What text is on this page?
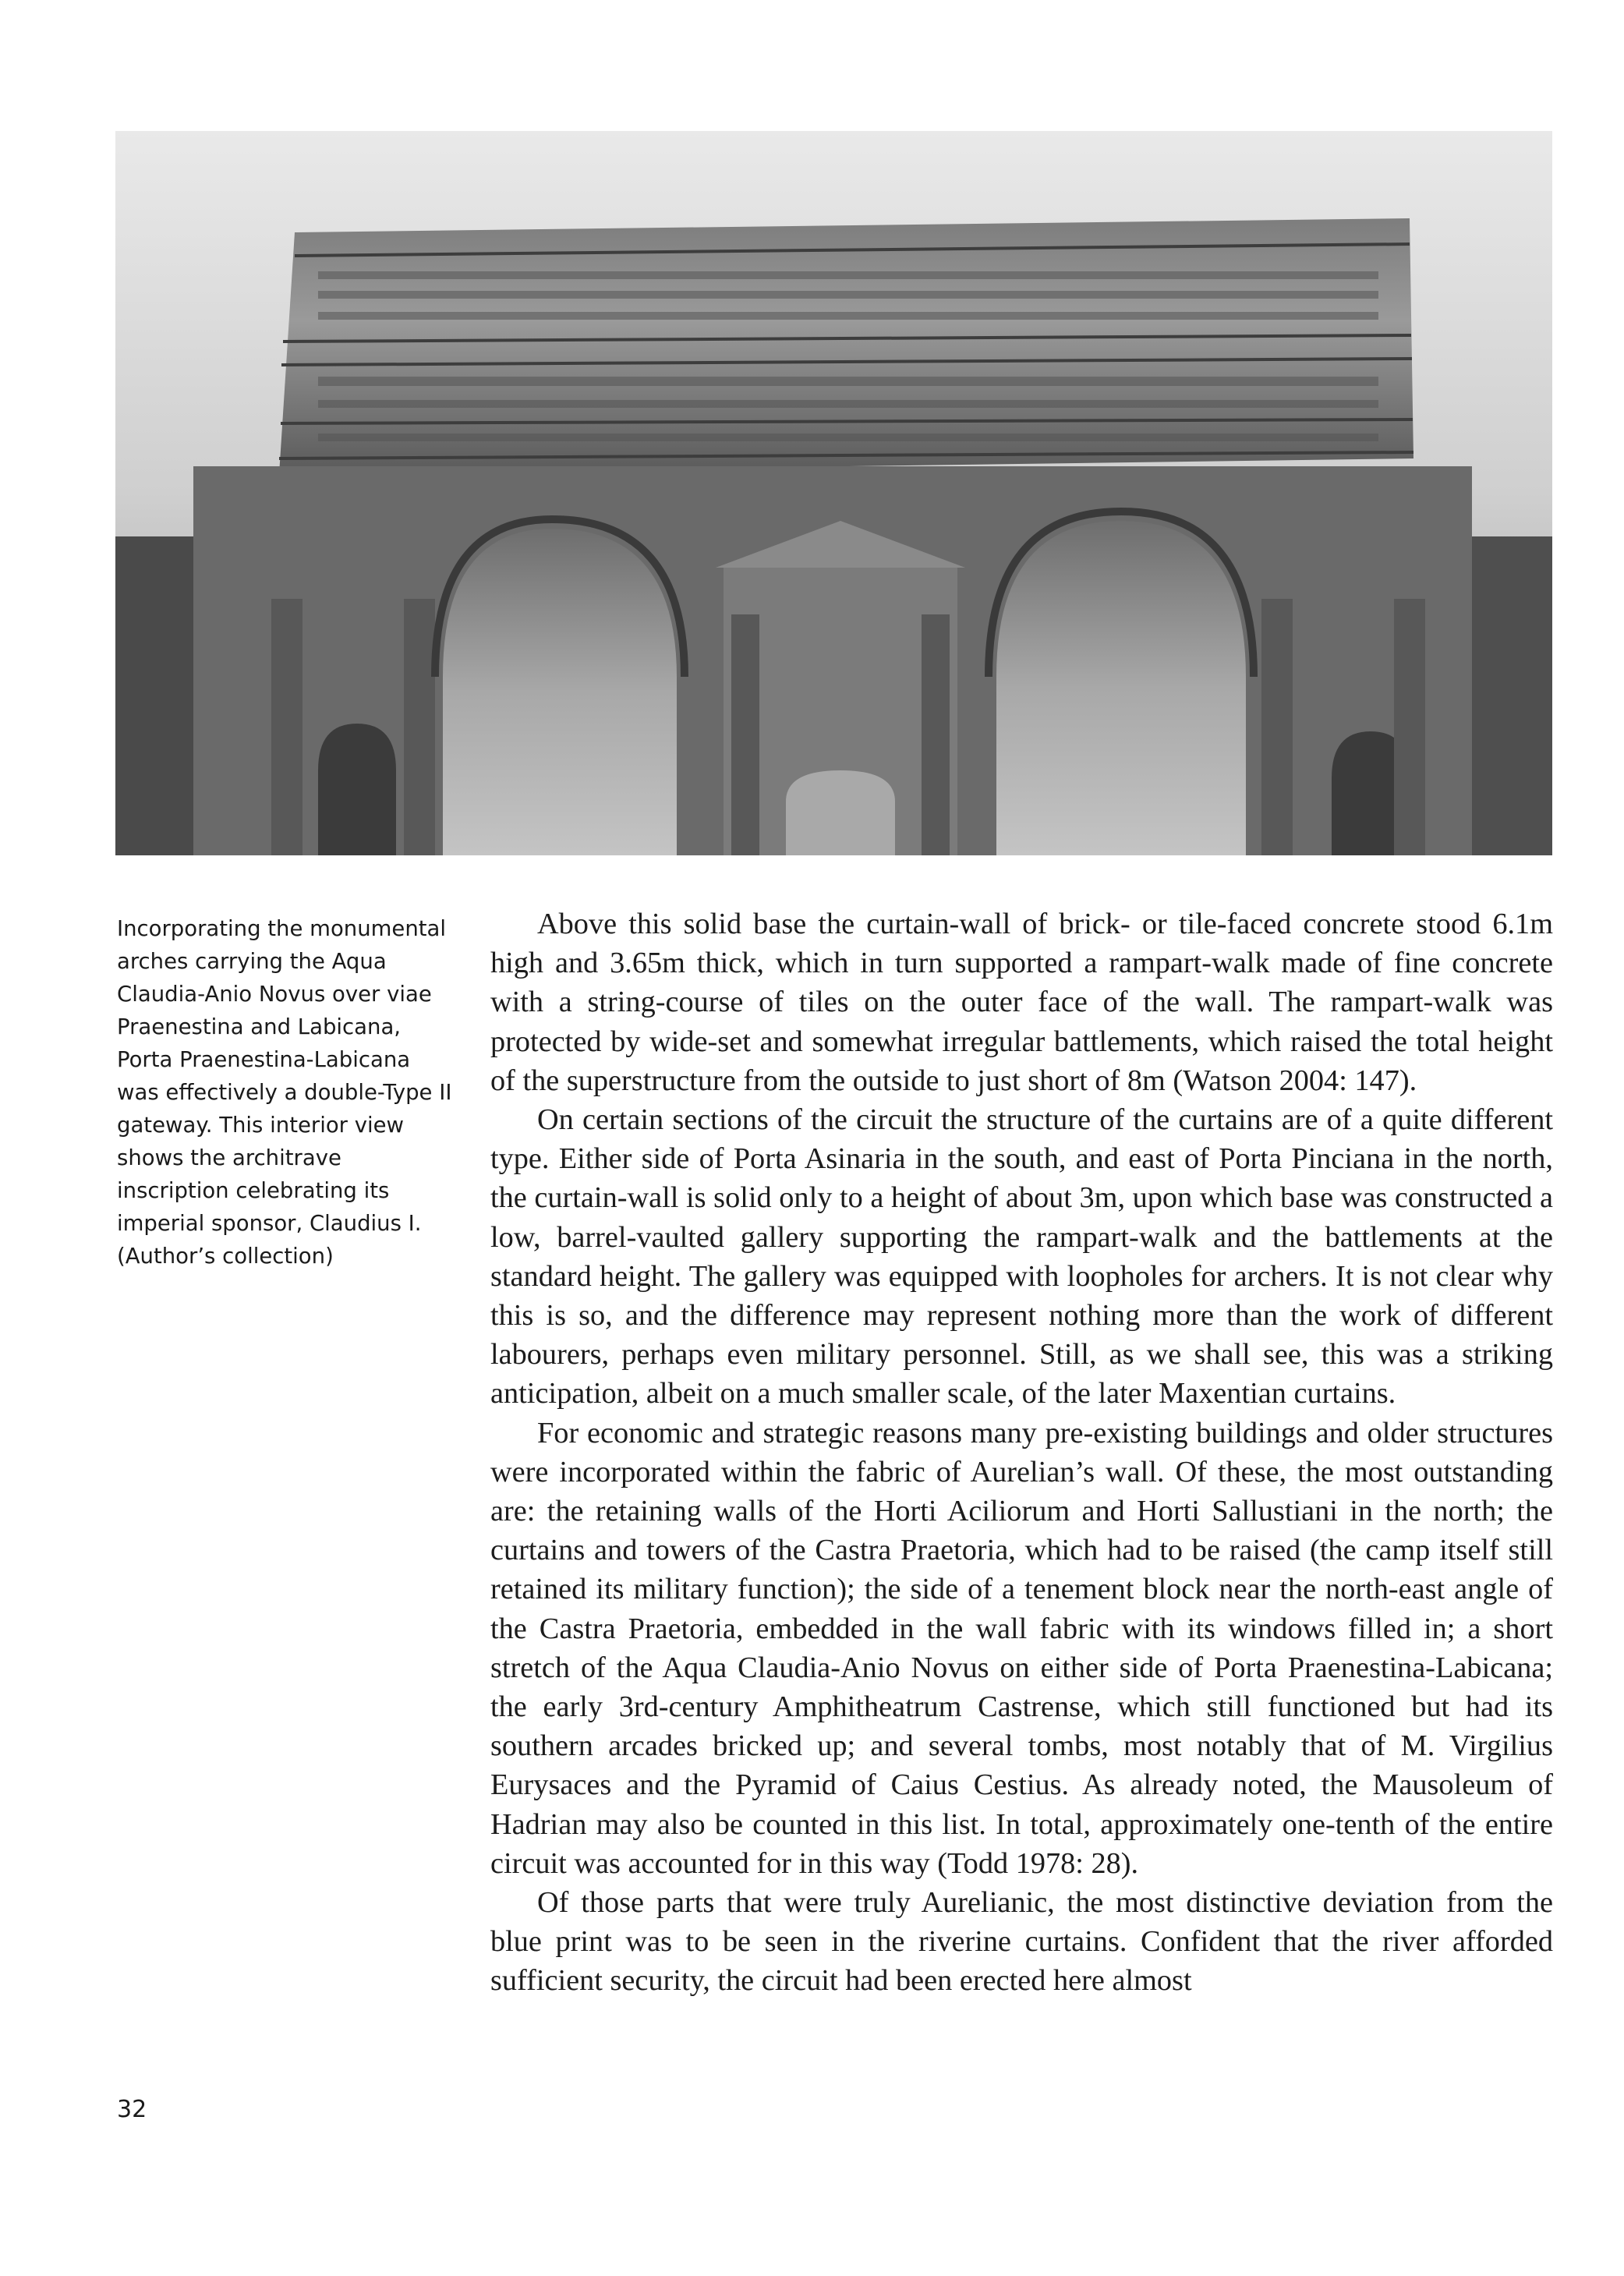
Incorporating the monumental arches carrying the Aqua Claudia-Anio Novus over viae Praenestina and Labicana, Porta Praenestina-Labicana was effectively a double-Type II gateway. This interior view shows the architrave inscription celebrating its imperial sponsor, Claudius I. (Author’s collection)

Above this solid base the curtain-wall of brick- or tile-faced concrete stood 6.1m high and 3.65m thick, which in turn supported a rampart-walk made of fine concrete with a string-course of tiles on the outer face of the wall. The rampart-walk was protected by wide-set and somewhat irregular battlements, which raised the total height of the superstructure from the outside to just short of 8m (Watson 2004: 147).

On certain sections of the circuit the structure of the curtains are of a quite different type. Either side of Porta Asinaria in the south, and east of Porta Pinciana in the north, the curtain-wall is solid only to a height of about 3m, upon which base was constructed a low, barrel-vaulted gallery supporting the rampart-walk and the battlements at the standard height. The gallery was equipped with loopholes for archers. It is not clear why this is so, and the difference may represent nothing more than the work of different labourers, perhaps even military personnel. Still, as we shall see, this was a striking anticipation, albeit on a much smaller scale, of the later Maxentian curtains.

For economic and strategic reasons many pre-existing buildings and older structures were incorporated within the fabric of Aurelian’s wall. Of these, the most outstanding are: the retaining walls of the Horti Aciliorum and Horti Sallustiani in the north; the curtains and towers of the Castra Praetoria, which had to be raised (the camp itself still retained its military function); the side of a tenement block near the north-east angle of the Castra Praetoria, embedded in the wall fabric with its windows filled in; a short stretch of the Aqua Claudia-Anio Novus on either side of Porta Praenestina-Labicana; the early 3rd-century Amphitheatrum Castrense, which still functioned but had its southern arcades bricked up; and several tombs, most notably that of M. Virgilius Eurysaces and the Pyramid of Caius Cestius. As already noted, the Mausoleum of Hadrian may also be counted in this list. In total, approximately one-tenth of the entire circuit was accounted for in this way (Todd 1978: 28).

Of those parts that were truly Aurelianic, the most distinctive deviation from the blue print was to be seen in the riverine curtains. Confident that the river afforded sufficient security, the circuit had been erected here almost

32
